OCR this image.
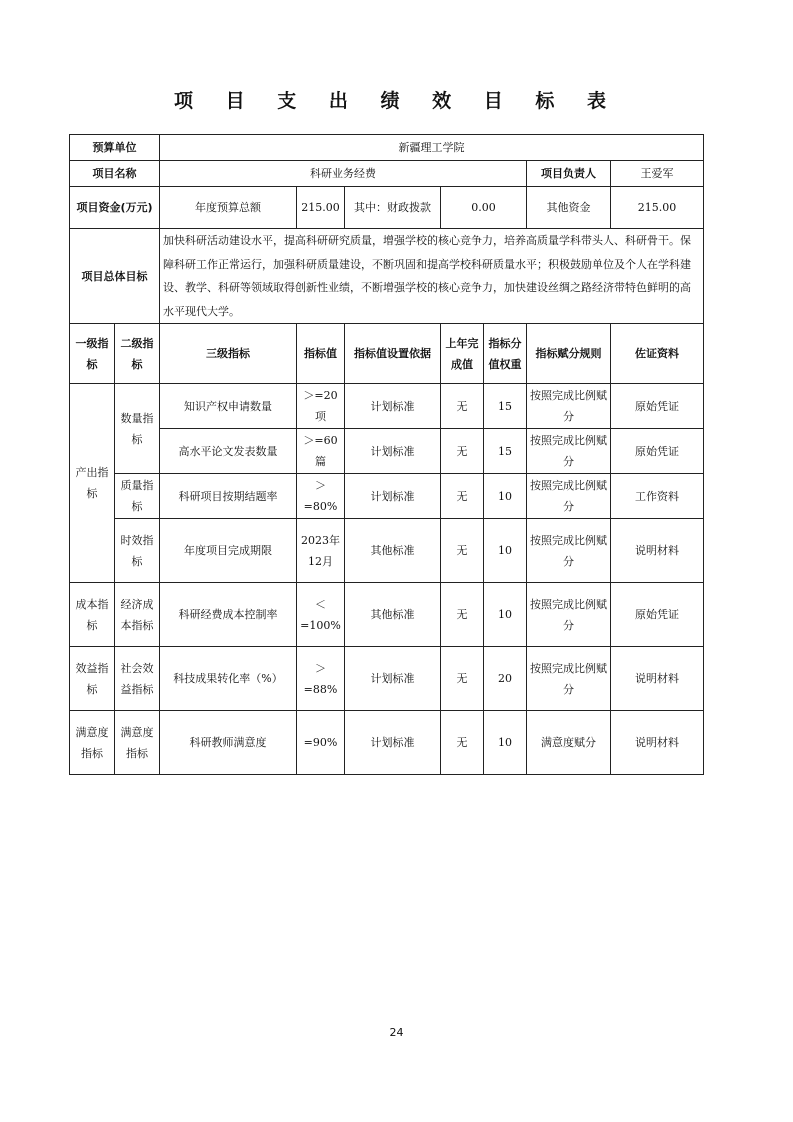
项 目 支 出 绩 效 目 标 表
预算单位		新疆理工学院						
项目名称		科研业务经费					项目负责人	王爱军
项目资金(万元)		年度预算总额	215.00	其中：财政拨款	0.00		其他资金	215.00
项目总体目标		加快科研活动建设水平，提高科研研究质量，增强学校的核心竞争力，培养高质量学科带头人、科研骨干。保障科研工作正常运行，加强科研质量建设，不断巩固和提高学校科研质量水平；积极鼓励单位及个人在学科建设、教学、科研等领域取得创新性业绩，不断增强学校的核心竞争力，加快建设丝绸之路经济带特色鲜明的高水平现代大学。						
一级指标	二级指标	三级指标	指标值	指标值设置依据	上年完成值	指标分值权重	指标赋分规则	佐证资料
产出指标	数量指标	知识产权申请数量	＞=20项	计划标准	无	15	按照完成比例赋分	原始凭证
		高水平论文发表数量	＞=60篇	计划标准	无	15	按照完成比例赋分	原始凭证
	质量指标	科研项目按期结题率	＞=80%	计划标准	无	10	按照完成比例赋分	工作资料
	时效指标	年度项目完成期限	2023年12月	其他标准	无	10	按照完成比例赋分	说明材料
成本指标	经济成本指标	科研经费成本控制率	＜=100%	其他标准	无	10	按照完成比例赋分	原始凭证
效益指标	社会效益指标	科技成果转化率（%）	＞=88%	计划标准	无	20	按照完成比例赋分	说明材料
满意度指标	满意度指标	科研教师满意度	=90%	计划标准	无	10	满意度赋分	说明材料
24
